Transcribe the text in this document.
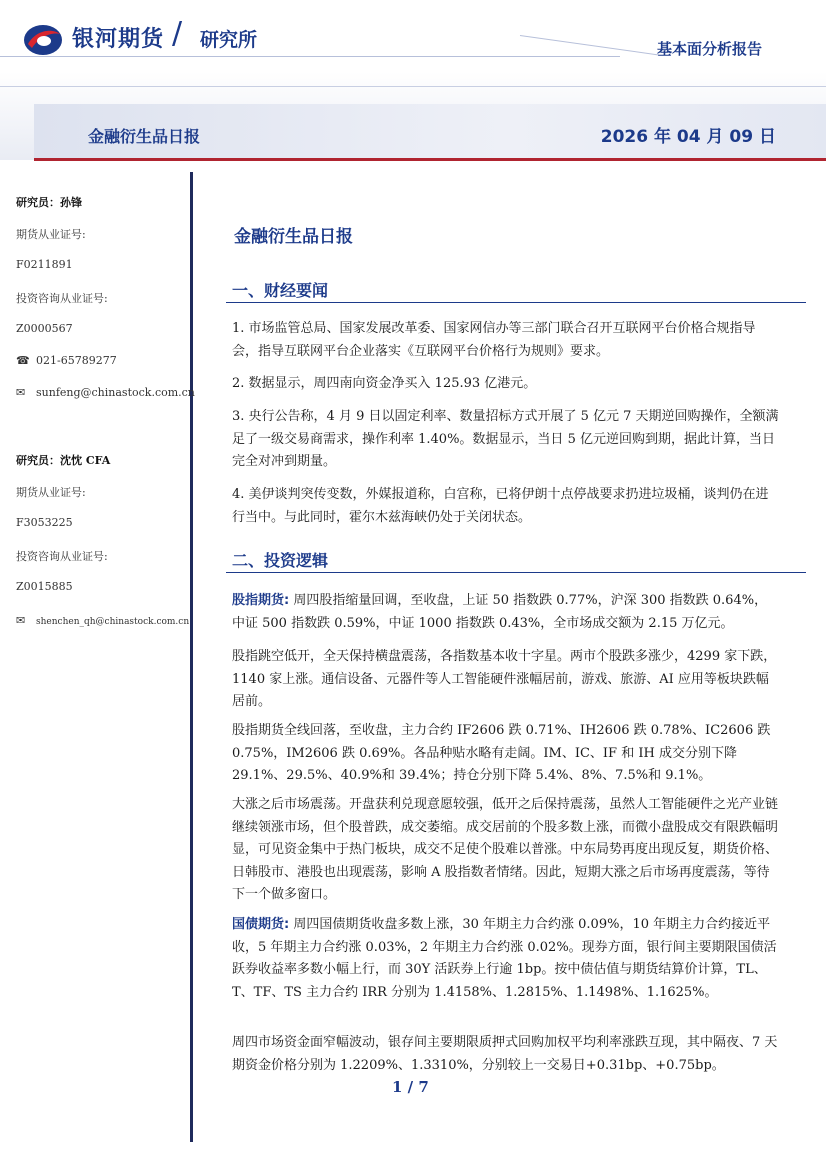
银河期货 / 研究所	基本面分析报告
金融衍生品日报	2026 年 04 月 09 日
研究员：孙锋
期货从业证号:
F0211891
投资咨询从业证号:
Z0000567
☎ 021-65789277
✉ sunfeng@chinastock.com.cn
研究员：沈忱 CFA
期货从业证号:
F3053225
投资咨询从业证号:
Z0015885
✉ shenchen_qh@chinastock.com.cn
金融衍生品日报
一、财经要闻

1. 市场监管总局、国家发展改革委、国家网信办等三部门联合召开互联网平台价格合规指导会，指导互联网平台企业落实《互联网平台价格行为规则》要求。

2. 数据显示，周四南向资金净买入 125.93 亿港元。

3. 央行公告称，4 月 9 日以固定利率、数量招标方式开展了 5 亿元 7 天期逆回购操作，全额满足了一级交易商需求，操作利率 1.40%。数据显示，当日 5 亿元逆回购到期，据此计算，当日完全对冲到期量。

4. 美伊谈判突传变数，外媒报道称，白宫称，已将伊朗十点停战要求扔进垃圾桶，谈判仍在进行当中。与此同时，霍尔木兹海峡仍处于关闭状态。

二、投资逻辑

股指期货: 周四股指缩量回调，至收盘，上证 50 指数跌 0.77%，沪深 300 指数跌 0.64%，中证 500 指数跌 0.59%，中证 1000 指数跌 0.43%，全市场成交额为 2.15 万亿元。

股指跳空低开，全天保持横盘震荡，各指数基本收十字星。两市个股跌多涨少，4299 家下跌，1140 家上涨。通信设备、元器件等人工智能硬件涨幅居前，游戏、旅游、AI 应用等板块跌幅居前。

股指期货全线回落，至收盘，主力合约 IF2606 跌 0.71%、IH2606 跌 0.78%、IC2606 跌 0.75%，IM2606 跌 0.69%。各品种贴水略有走阔。IM、IC、IF 和 IH 成交分别下降 29.1%、29.5%、40.9%和 39.4%；持仓分别下降 5.4%、8%、7.5%和 9.1%。

大涨之后市场震荡。开盘获利兑现意愿较强，低开之后保持震荡，虽然人工智能硬件之光产业链继续领涨市场，但个股普跌，成交萎缩。成交居前的个股多数上涨，而微小盘股成交有限跌幅明显，可见资金集中于热门板块，成交不足使个股难以普涨。中东局势再度出现反复，期货价格、日韩股市、港股也出现震荡，影响 A 股指数者情绪。因此，短期大涨之后市场再度震荡，等待下一个做多窗口。

国债期货: 周四国债期货收盘多数上涨，30 年期主力合约涨 0.09%，10 年期主力合约接近平收，5 年期主力合约涨 0.03%，2 年期主力合约涨 0.02%。现券方面，银行间主要期限国债活跃券收益率多数小幅上行，而 30Y 活跃券上行逾 1bp。按中债估值与期货结算价计算，TL、T、TF、TS 主力合约 IRR 分别为 1.4158%、1.2815%、1.1498%、1.1625%。

周四市场资金面窄幅波动，银存间主要期限质押式回购加权平均利率涨跌互现，其中隔夜、7 天期资金价格分别为 1.2209%、1.3310%，分别较上一交易日+0.31bp、+0.75bp。

1 / 7
